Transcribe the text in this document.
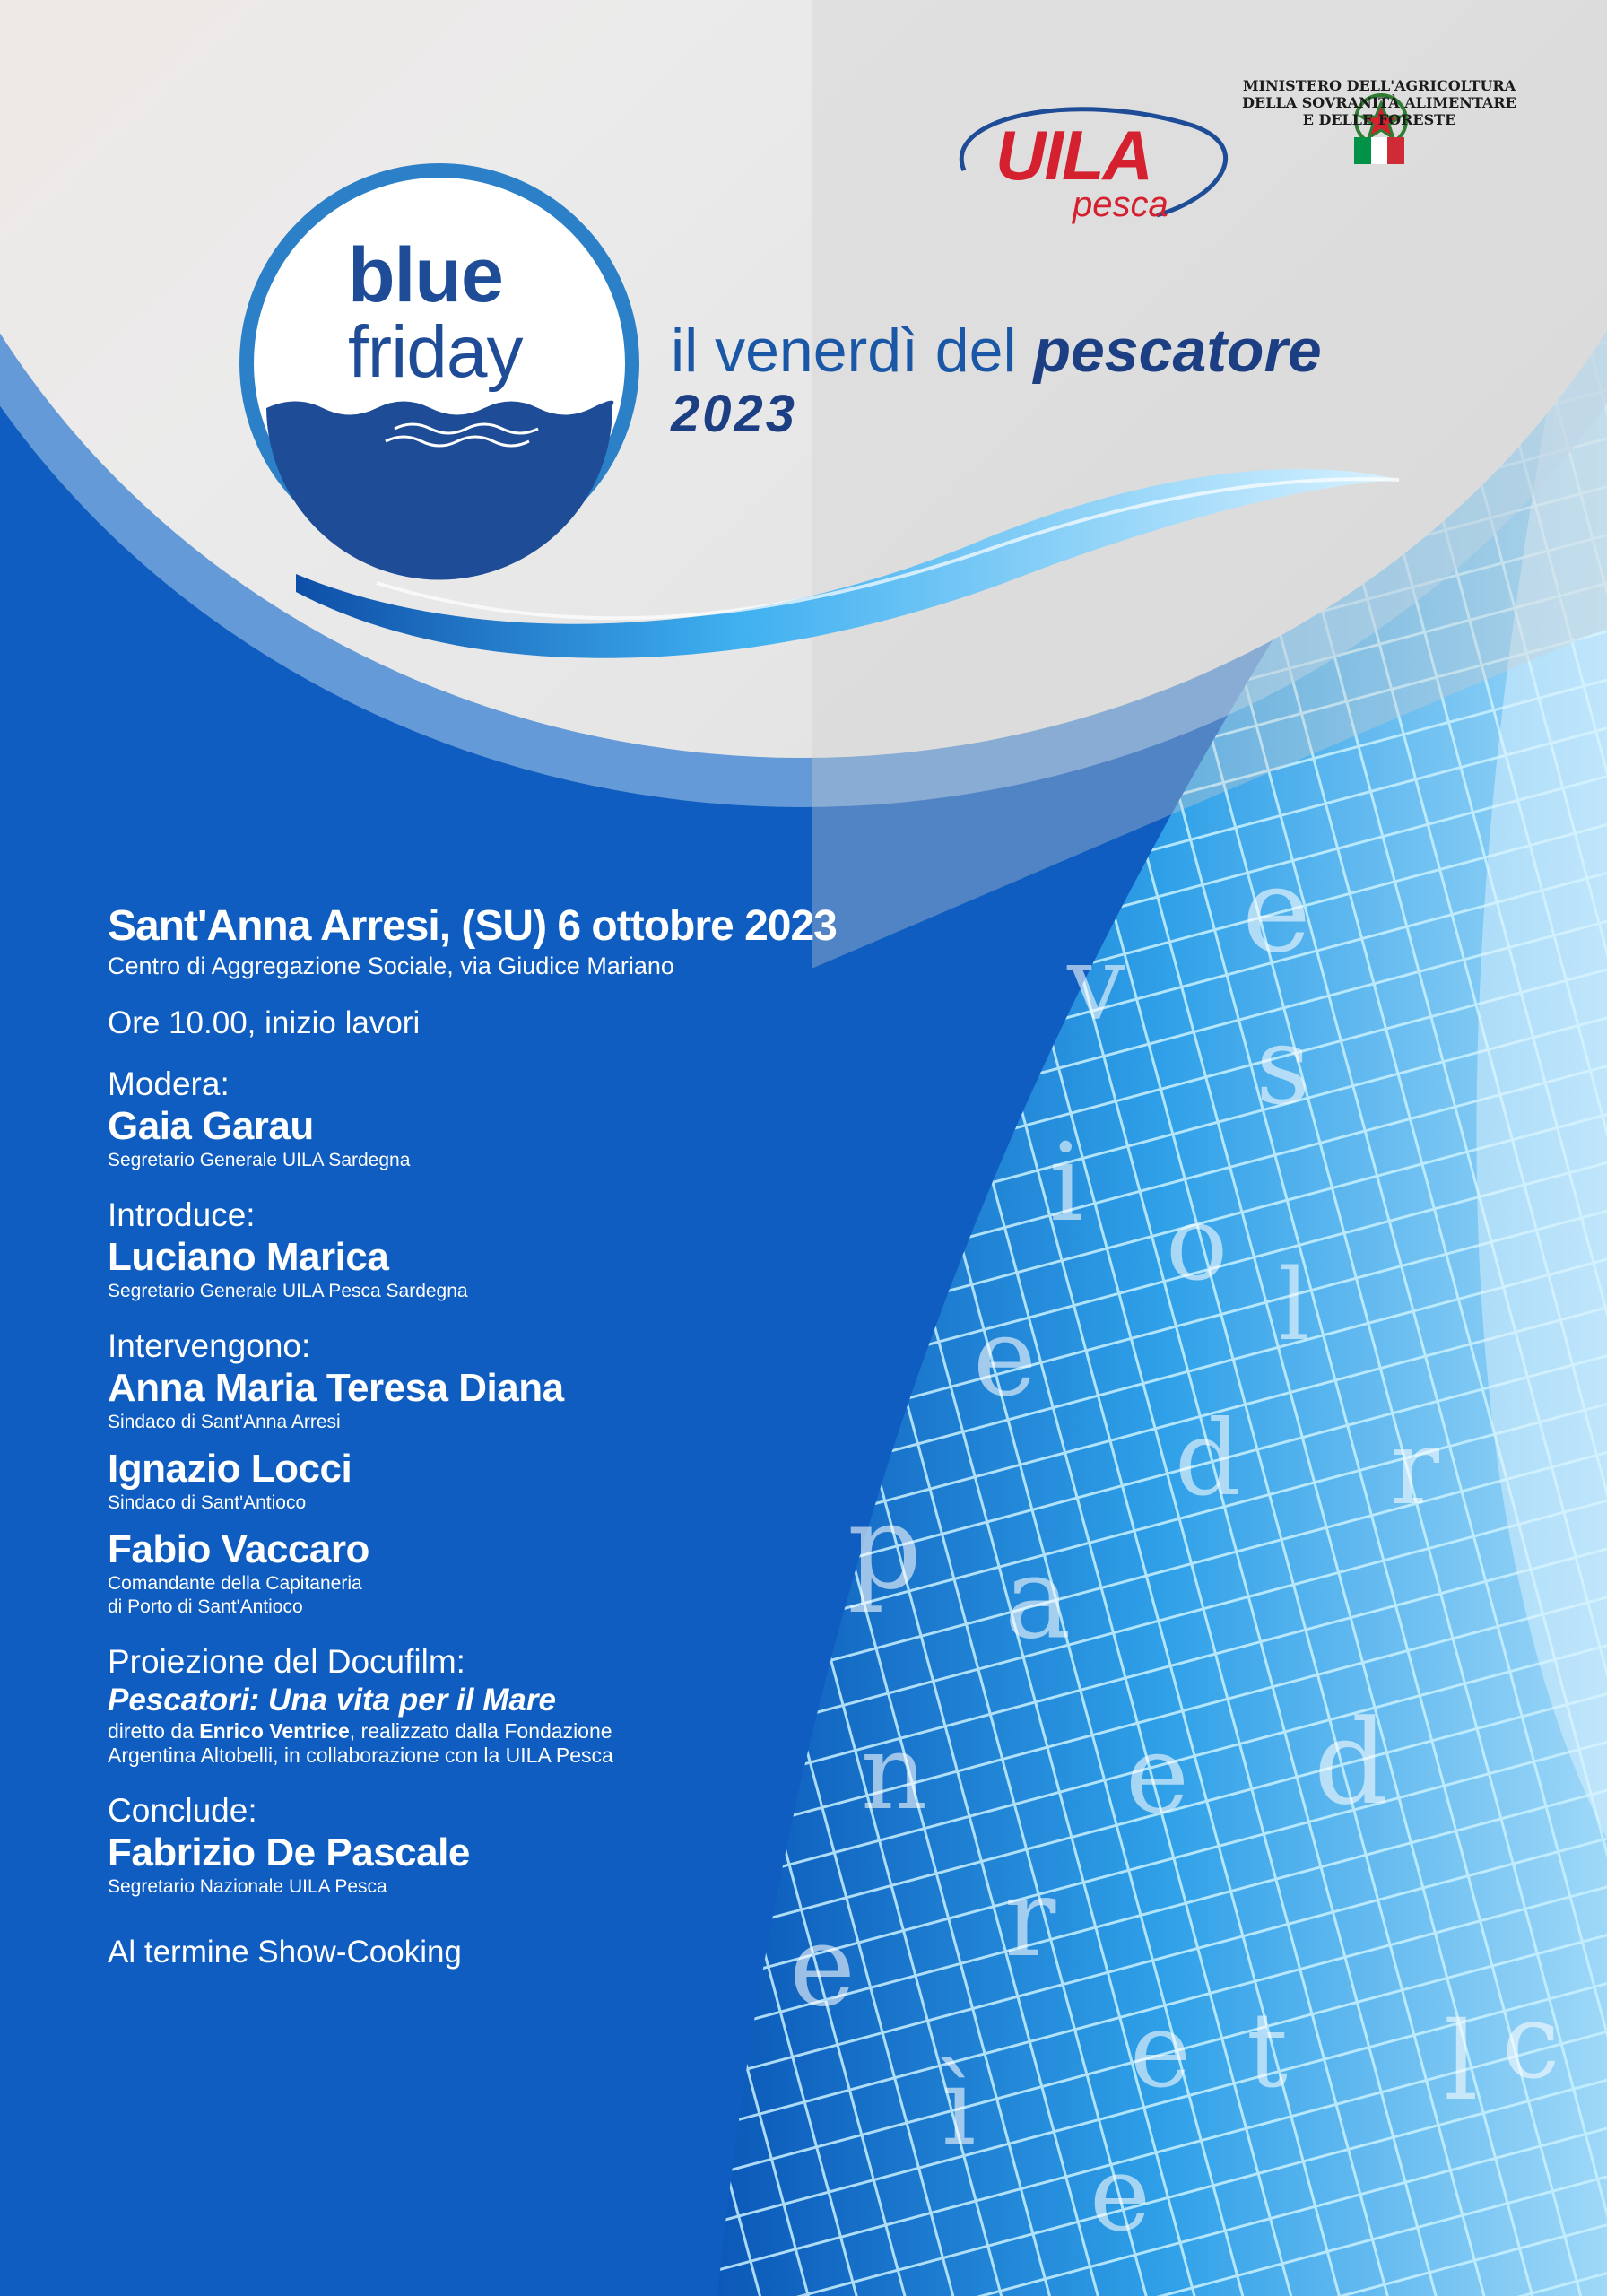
UILA
pesca
MINISTERO DELL'AGRICOLTURA
DELLA SOVRANITÀ ALIMENTARE
E DELLE FORESTE
blue
friday il venerdì del pescatore
2023
Sant'Anna Arresi, (SU) 6 ottobre 2023
Centro di Aggregazione Sociale, via Giudice Mariano
Ore 10.00, inizio lavori
Modera:
Gaia Garau
Segretario Generale UILA Sardegna
Introduce:
Luciano Marica
Segretario Generale UILA Pesca Sardegna
Intervengono:
Anna Maria Teresa Diana
Sindaco di Sant'Anna Arresi
Ignazio Locci
Sindaco di Sant'Antioco
Fabio Vaccaro
Comandante della Capitaneria
di Porto di Sant'Antioco
Proiezione del Docufilm:
Pescatori: Una vita per il Mare
diretto da Enrico Ventrice, realizzato dalla Fondazione
Argentina Altobelli, in collaborazione con la UILA Pesca
Conclude:
Fabrizio De Pascale
Segretario Nazionale UILA Pesca
Al termine Show-Cooking
e
v
s
i o
l
e
d r
p a
n e d
r
e
e t l c
ì
e
